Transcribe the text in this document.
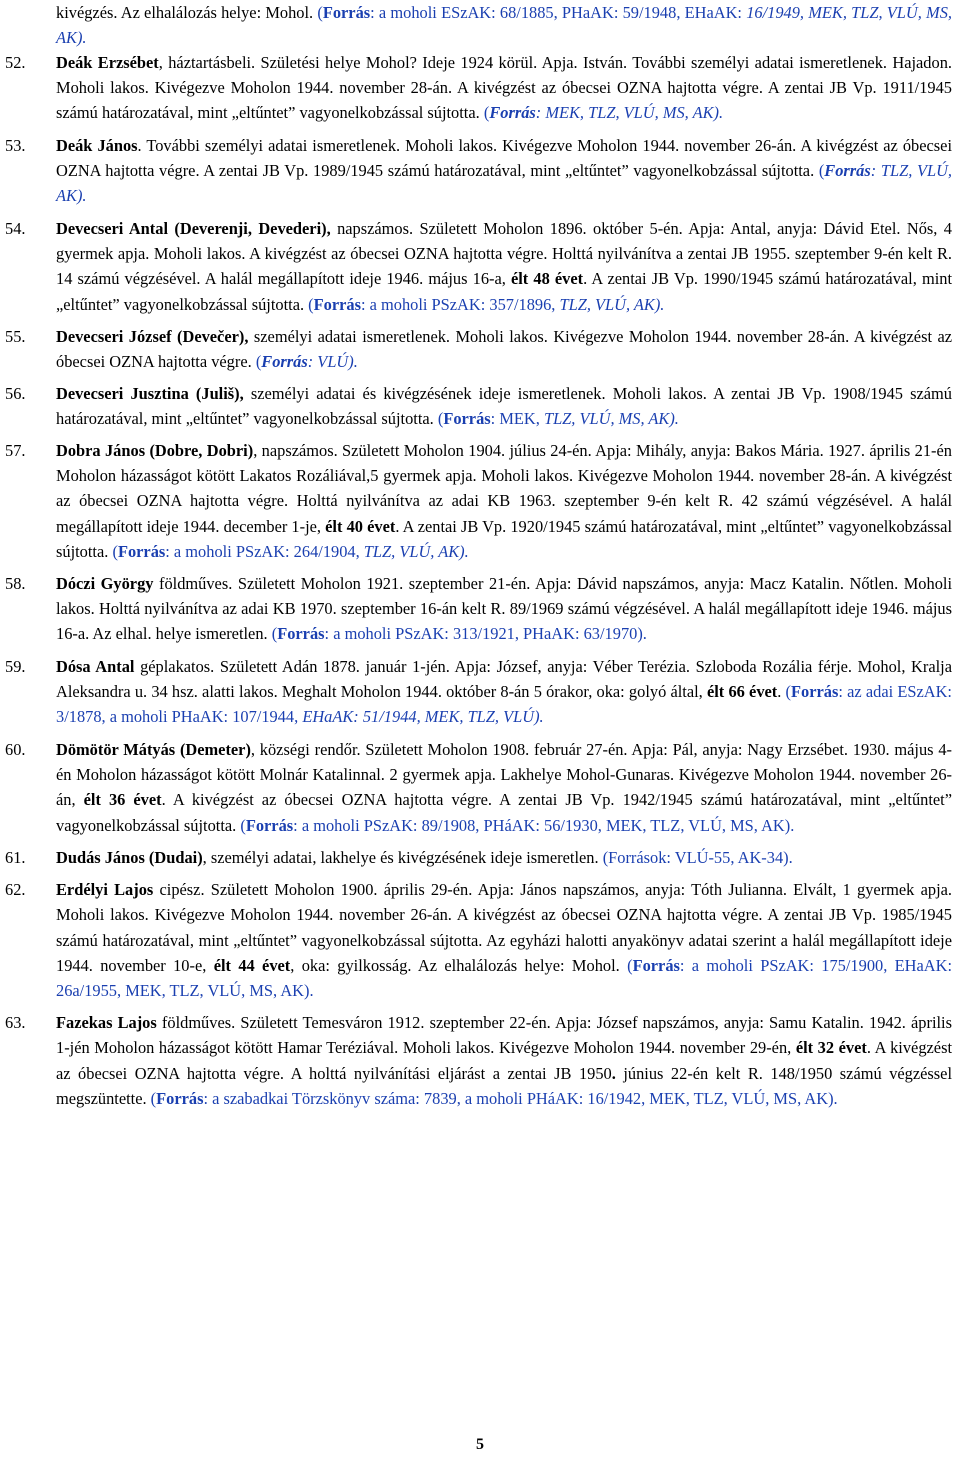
kivégzés. Az elhalálozás helye: Mohol. (Forrás: a moholi ESzAK: 68/1885, PHaAK: 59/1948, EHaAK: 16/1949, MEK, TLZ, VLÚ, MS, AK).
52.	Deák Erzsébet, háztartásbeli. Születési helye Mohol? Ideje 1924 körül. Apja. István. További személyi adatai ismeretlenek. Hajadon. Moholi lakos. Kivégezve Moholon 1944. november 28-án. A kivégzést az óbecsei OZNA hajtotta végre. A zentai JB Vp. 1911/1945 számú határozatával, mint „eltűntet” vagyonelkobzással sújtotta. (Forrás: MEK, TLZ, VLÚ, MS, AK).
53.	Deák János. További személyi adatai ismeretlenek. Moholi lakos. Kivégezve Moholon 1944. november 26-án. A kivégzést az óbecsei OZNA hajtotta végre. A zentai JB Vp. 1989/1945 számú határozatával, mint „eltűntet” vagyonelkobzással sújtotta. (Forrás: TLZ, VLÚ, AK).
54.	Devecseri Antal (Deverenji, Devederi), napszámos. Született Moholon 1896. október 5-én. Apja: Antal, anyja: Dávid Etel. Nős, 4 gyermek apja. Moholi lakos. A kivégzést az óbecsei OZNA hajtotta végre. Holttá nyilvánítva a zentai JB 1955. szeptember 9-én kelt R. 14 számú végzésével. A halál megállapított ideje 1946. május 16-a, élt 48 évet. A zentai JB Vp. 1990/1945 számú határozatával, mint „eltűntet” vagyonelkobzással sújtotta. (Forrás: a moholi PSzAK: 357/1896, TLZ, VLÚ, AK).
55.	Devecseri József (Devečer), személyi adatai ismeretlenek. Moholi lakos. Kivégezve Moholon 1944. november 28-án. A kivégzést az óbecsei OZNA hajtotta végre. (Forrás: VLÚ).
56.	Devecseri Jusztina (Juliš), személyi adatai és kivégzésének ideje ismeretlenek. Moholi lakos. A zentai JB Vp. 1908/1945 számú határozatával, mint „eltűntet” vagyonelkobzással sújtotta. (Forrás: MEK, TLZ, VLÚ, MS, AK).
57.	Dobra János (Dobre, Dobri), napszámos. Született Moholon 1904. július 24-én. Apja: Mihály, anyja: Bakos Mária. 1927. április 21-én Moholon házasságot kötött Lakatos Rozáliával,5 gyermek apja. Moholi lakos. Kivégezve Moholon 1944. november 28-án. A kivégzést az óbecsei OZNA hajtotta végre. Holttá nyilvánítva az adai KB 1963. szeptember 9-én kelt R. 42 számú végzésével. A halál megállapított ideje 1944. december 1-je, élt 40 évet. A zentai JB Vp. 1920/1945 számú határozatával, mint „eltűntet” vagyonelkobzással sújtotta. (Forrás: a moholi PSzAK: 264/1904, TLZ, VLÚ, AK).
58.	Dóczi György földműves. Született Moholon 1921. szeptember 21-én. Apja: Dávid napszámos, anyja: Macz Katalin. Nőtlen. Moholi lakos. Holttá nyilvánítva az adai KB 1970. szeptember 16-án kelt R. 89/1969 számú végzésével. A halál megállapított ideje 1946. május 16-a. Az elhal. helye ismeretlen. (Forrás: a moholi PSzAK: 313/1921, PHaAK: 63/1970).
59.	Dósa Antal géplakatos. Született Adán 1878. január 1-jén. Apja: József, anyja: Véber Terézia. Szloboda Rozália férje. Mohol, Kralja Aleksandra u. 34 hsz. alatti lakos. Meghalt Moholon 1944. október 8-án 5 órakor, oka: golyó által, élt 66 évet. (Forrás: az adai ESzAK: 3/1878, a moholi PHaAK: 107/1944, EHaAK: 51/1944, MEK, TLZ, VLÚ).
60.	Dömötör Mátyás (Demeter), községi rendőr. Született Moholon 1908. február 27-én. Apja: Pál, anyja: Nagy Erzsébet. 1930. május 4-én Moholon házasságot kötött Molnár Katalinnal. 2 gyermek apja. Lakhelye Mohol-Gunaras. Kivégezve Moholon 1944. november 26-án, élt 36 évet. A kivégzést az óbecsei OZNA hajtotta végre. A zentai JB Vp. 1942/1945 számú határozatával, mint „eltűntet” vagyonelkobzással sújtotta. (Forrás: a moholi PSzAK: 89/1908, PHáAK: 56/1930, MEK, TLZ, VLÚ, MS, AK).
5
61.	Dudás János (Dudai), személyi adatai, lakhelye és kivégzésének ideje ismeretlen. (Források: VLÚ-55, AK-34).
62.	Erdélyi Lajos cipész. Született Moholon 1900. április 29-én. Apja: János napszámos, anyja: Tóth Julianna. Elvált, 1 gyermek apja. Moholi lakos. Kivégezve Moholon 1944. november 26-án. A kivégzést az óbecsei OZNA hajtotta végre. A zentai JB Vp. 1985/1945 számú határozatával, mint „eltűntet” vagyonelkobzással sújtotta. Az egyházi halotti anyakönyv adatai szerint a halál megállapított ideje 1944. november 10-e, élt 44 évet, oka: gyilkosság. Az elhalálozás helye: Mohol. (Forrás: a moholi PSzAK: 175/1900, EHaAK: 26a/1955, MEK, TLZ, VLÚ, MS, AK).
63.	Fazekas Lajos földműves. Született Temesváron 1912. szeptember 22-én. Apja: József napszámos, anyja: Samu Katalin. 1942. április 1-jén Moholon házasságot kötött Hamar Teréziával. Moholi lakos. Kivégezve Moholon 1944. november 29-én, élt 32 évet. A kivégzést az óbecsei OZNA hajtotta végre. A holttá nyilvánítási eljárást a zentai JB 1950. június 22-én kelt R. 148/1950 számú végzéssel megszüntette. (Forrás: a szabadkai Törzskönyv száma: 7839, a moholi PHáAK: 16/1942, MEK, TLZ, VLÚ, MS, AK).
